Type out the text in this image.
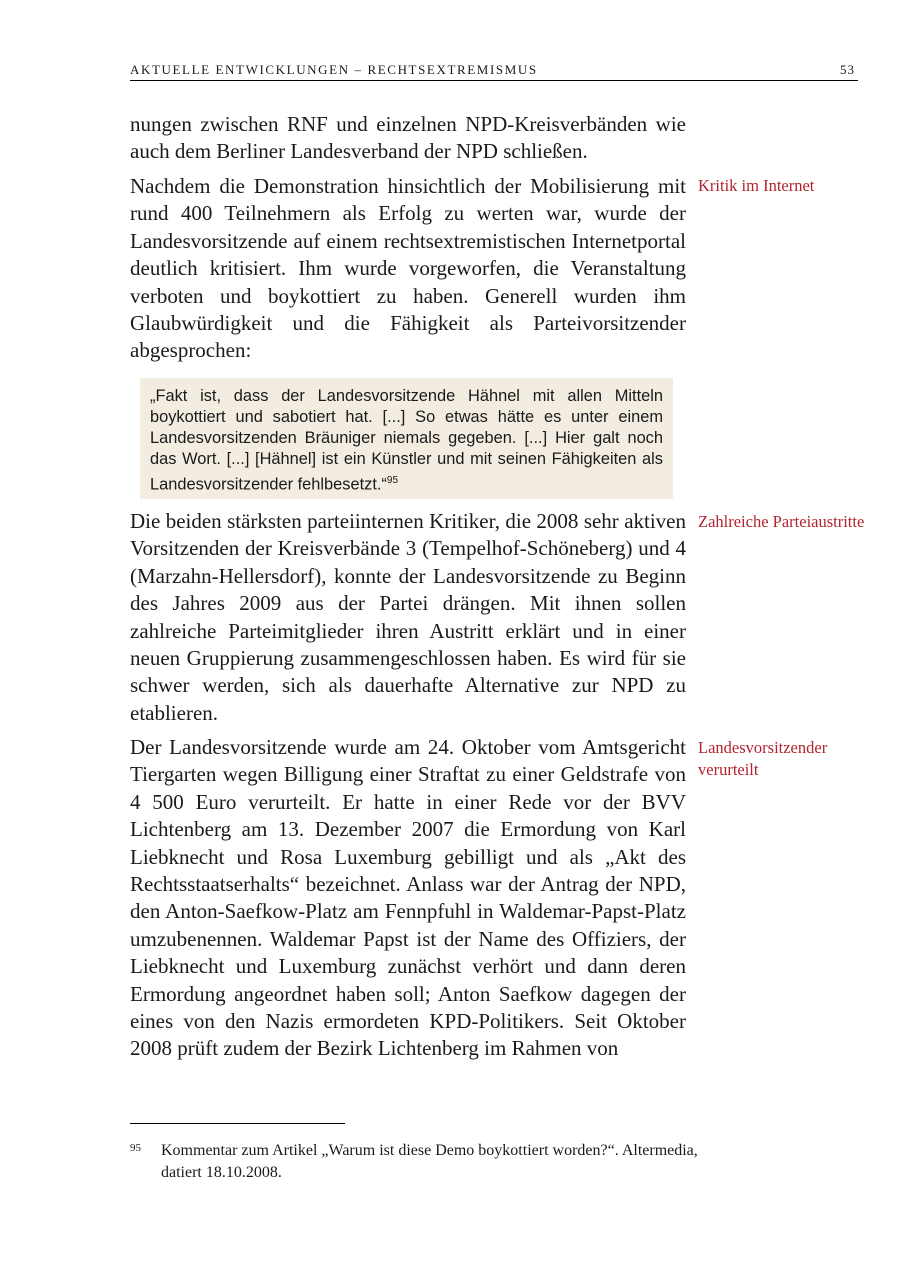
AKTUELLE ENTWICKLUNGEN – RECHTSEXTREMISMUS	53

nungen zwischen RNF und einzelnen NPD-Kreisverbänden wie auch dem Berliner Landesverband der NPD schließen.

Nachdem die Demonstration hinsichtlich der Mobilisierung mit rund 400 Teilnehmern als Erfolg zu werten war, wurde der Landesvorsitzende auf einem rechtsextremistischen Internetportal deutlich kritisiert. Ihm wurde vorgeworfen, die Veranstaltung verboten und boykottiert zu haben. Generell wurden ihm Glaubwürdigkeit und die Fähigkeit als Parteivorsitzender abgesprochen:

Kritik im Internet
„Fakt ist, dass der Landesvorsitzende Hähnel mit allen Mitteln boykottiert und sabotiert hat. [...] So etwas hätte es unter einem Landesvorsitzenden Bräuniger niemals gegeben. [...] Hier galt noch das Wort. [...] [Hähnel] ist ein Künstler und mit seinen Fähigkeiten als Landesvorsitzender fehlbesetzt.“$^{95}$

Die beiden stärksten parteiinternen Kritiker, die 2008 sehr aktiven Vorsitzenden der Kreisverbände 3 (Tempelhof-Schöneberg) und 4 (Marzahn-Hellersdorf), konnte der Landesvorsitzende zu Beginn des Jahres 2009 aus der Partei drängen. Mit ihnen sollen zahlreiche Parteimitglieder ihren Austritt erklärt und in einer neuen Gruppierung zusammengeschlossen haben. Es wird für sie schwer werden, sich als dauerhafte Alternative zur NPD zu etablieren.

Zahlreiche Parteiaustritte

Der Landesvorsitzende wurde am 24. Oktober vom Amtsgericht Tiergarten wegen Billigung einer Straftat zu einer Geldstrafe von 4 500 Euro verurteilt. Er hatte in einer Rede vor der BVV Lichtenberg am 13. Dezember 2007 die Ermordung von Karl Liebknecht und Rosa Luxemburg gebilligt und als „Akt des Rechtsstaatserhalts“ bezeichnet. Anlass war der Antrag der NPD, den Anton-Saefkow-Platz am Fennpfuhl in Waldemar-Papst-Platz umzubenennen. Waldemar Papst ist der Name des Offiziers, der Liebknecht und Luxemburg zunächst verhört und dann deren Ermordung angeordnet haben soll; Anton Saefkow dagegen der eines von den Nazis ermordeten KPD-Politikers. Seit Oktober 2008 prüft zudem der Bezirk Lichtenberg im Rahmen von

Landesvorsitzender verurteilt
95 Kommentar zum Artikel „Warum ist diese Demo boykottiert worden?“. Altermedia, datiert 18.10.2008.
